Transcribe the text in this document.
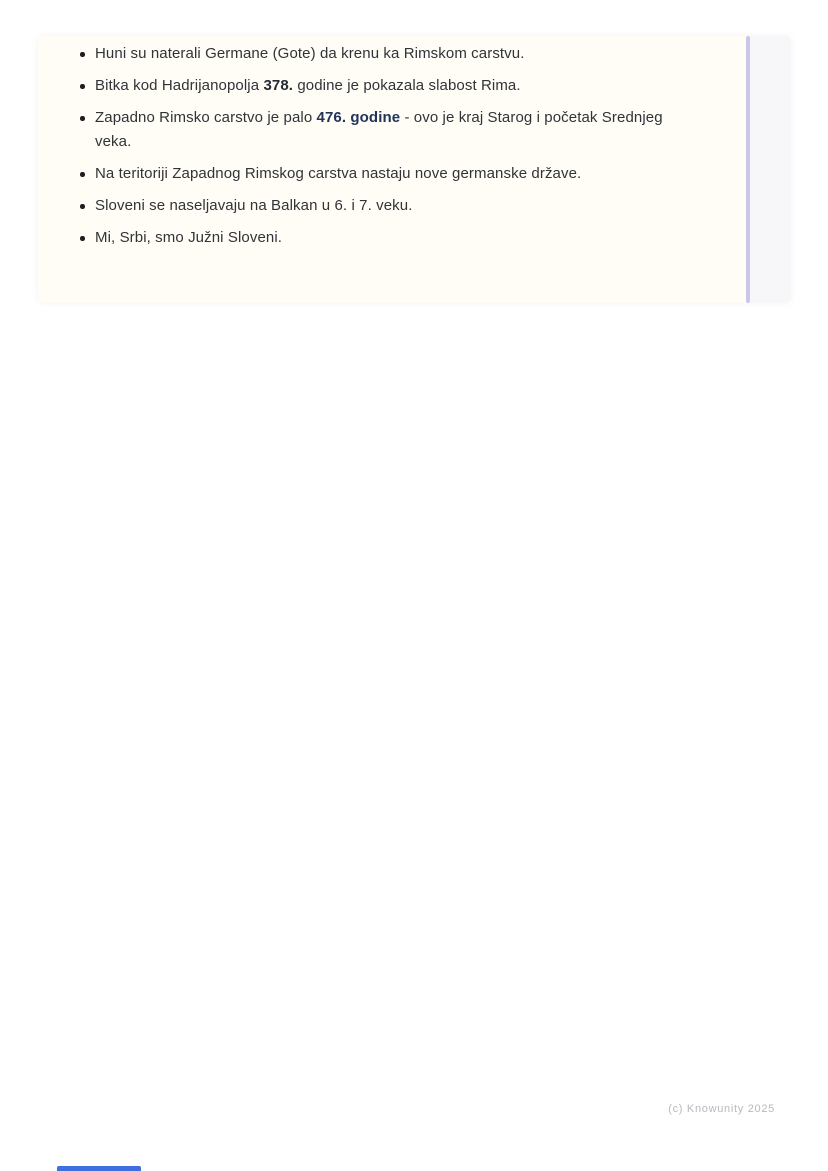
Huni su naterali Germane (Gote) da krenu ka Rimskom carstvu.
Bitka kod Hadrijanopolja 378. godine je pokazala slabost Rima.
Zapadno Rimsko carstvo je palo 476. godine - ovo je kraj Starog i početak Srednjeg veka.
Na teritoriji Zapadnog Rimskog carstva nastaju nove germanske države.
Sloveni se naseljavaju na Balkan u 6. i 7. veku.
Mi, Srbi, smo Južni Sloveni.
(c) Knowunity 2025
